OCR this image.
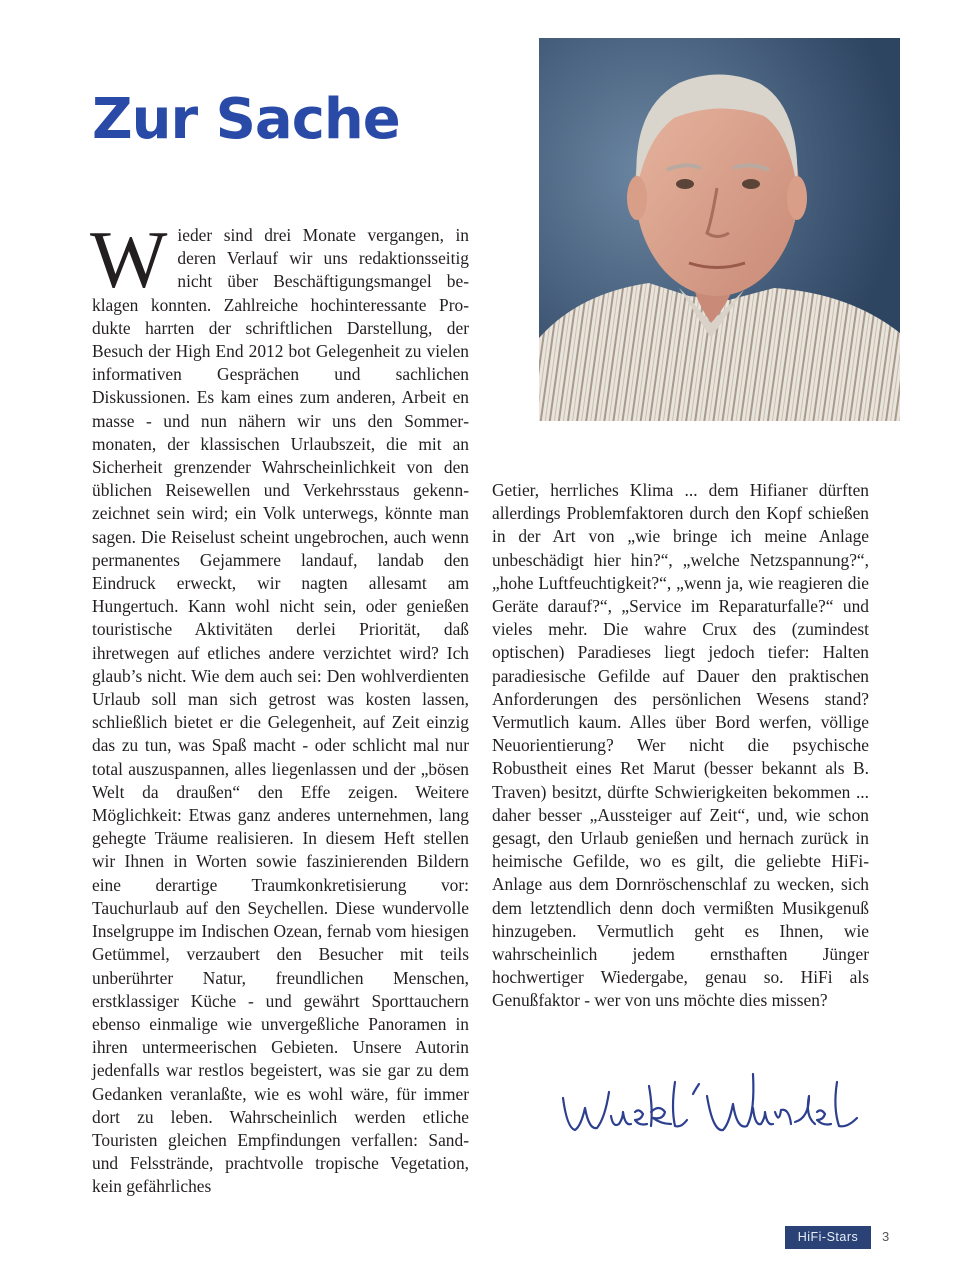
Zur Sache

Wieder sind drei Monate vergangen, in deren Verlauf wir uns redaktionsseitig nicht über Beschäftigungsmangel beklagen konnten. Zahlreiche hochinteressante Produkte harrten der schriftlichen Darstellung, der Besuch der High End 2012 bot Gelegenheit zu vielen informativen Gesprächen und sachlichen Diskussionen. Es kam eines zum anderen, Arbeit en masse - und nun nähern wir uns den Sommermonaten, der klassischen Urlaubszeit, die mit an Sicherheit grenzender Wahrscheinlichkeit von den üblichen Reisewellen und Verkehrsstaus gekennzeichnet sein wird; ein Volk unterwegs, könnte man sagen. Die Reiselust scheint ungebrochen, auch wenn permanentes Gejammere landauf, landab den Eindruck erweckt, wir nagten allesamt am Hungertuch. Kann wohl nicht sein, oder genießen touristische Aktivitäten derlei Priorität, daß ihretwegen auf etliches andere verzichtet wird? Ich glaub’s nicht. Wie dem auch sei: Den wohlverdienten Urlaub soll man sich getrost was kosten lassen, schließlich bietet er die Gelegenheit, auf Zeit einzig das zu tun, was Spaß macht - oder schlicht mal nur total auszuspannen, alles liegenlassen und der „bösen Welt da draußen“ den Effe zeigen. Weitere Möglichkeit: Etwas ganz anderes unternehmen, lang gehegte Träume realisieren. In diesem Heft stellen wir Ihnen in Worten sowie faszinierenden Bildern eine derartige Traumkonkretisierung vor: Tauchurlaub auf den Seychellen. Diese wundervolle Inselgruppe im Indischen Ozean, fernab vom hiesigen Getümmel, verzaubert den Besucher mit teils unberührter Natur, freundlichen Menschen, erstklassiger Küche - und gewährt Sporttauchern ebenso einmalige wie unvergeßliche Panoramen in ihren untermeerischen Gebieten. Unsere Autorin jedenfalls war restlos begeistert, was sie gar zu dem Gedanken veranlaßte, wie es wohl wäre, für immer dort zu leben. Wahrscheinlich werden etliche Touristen gleichen Empfindungen verfallen: Sand- und Felsstrände, prachtvolle tropische Vegetation, kein gefährliches

Getier, herrliches Klima ... dem Hifianer dürften allerdings Problemfaktoren durch den Kopf schießen in der Art von „wie bringe ich meine Anlage unbeschädigt hier hin?“, „welche Netzspannung?“, „hohe Luftfeuchtigkeit?“, „wenn ja, wie reagieren die Geräte darauf?“, „Service im Reparaturfalle?“ und vieles mehr. Die wahre Crux des (zumindest optischen) Paradieses liegt jedoch tiefer: Halten paradiesische Gefilde auf Dauer den praktischen Anforderungen des persönlichen Wesens stand? Vermutlich kaum. Alles über Bord werfen, völlige Neuorientierung? Wer nicht die psychische Robustheit eines Ret Marut (besser bekannt als B. Traven) besitzt, dürfte Schwierigkeiten bekommen ... daher besser „Aussteiger auf Zeit“, und, wie schon gesagt, den Urlaub genießen und hernach zurück in heimische Gefilde, wo es gilt, die geliebte HiFi-Anlage aus dem Dornröschenschlaf zu wecken, sich dem letztendlich denn doch vermißten Musikgenuß hinzugeben. Vermutlich geht es Ihnen, wie wahrscheinlich jedem ernsthaften Jünger hochwertiger Wiedergabe, genau so. HiFi als Genußfaktor - wer von uns möchte dies missen?

HiFi-Stars	3
